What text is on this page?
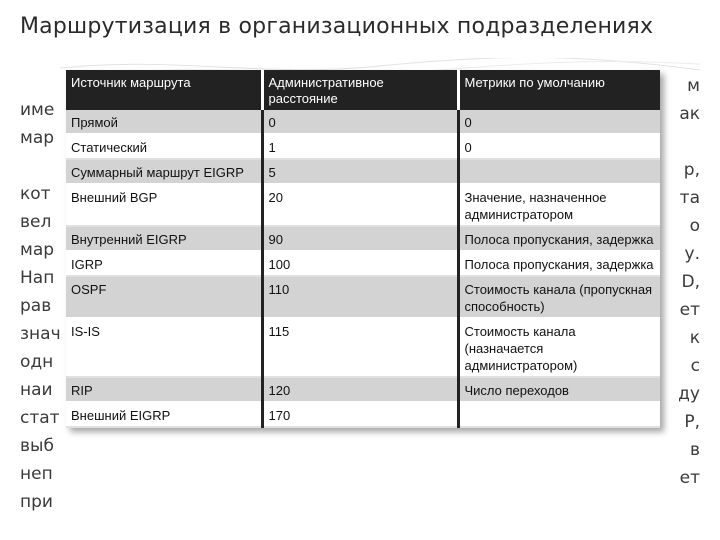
Маршрутизация в организационных подразделениях
име
мар
кот
вел
мар
Нап
рав
знач
одн
наи
стат
выб
неп
при
м
ак
р,
та
о
у.
D,
ет
к
с
ду
P,
в
ет
Источник маршрута	Административное расстояние	Метрики по умолчанию
Прямой	0	0
Статический	1	0
Суммарный маршрут EIGRP	5	
Внешний BGP	20	Значение, назначенное администратором
Внутренний EIGRP	90	Полоса пропускания, задержка
IGRP	100	Полоса пропускания, задержка
OSPF	110	Стоимость канала (пропускная способность)
IS-IS	115	Стоимость канала (назначается администратором)
RIP	120	Число переходов
Внешний EIGRP	170	
